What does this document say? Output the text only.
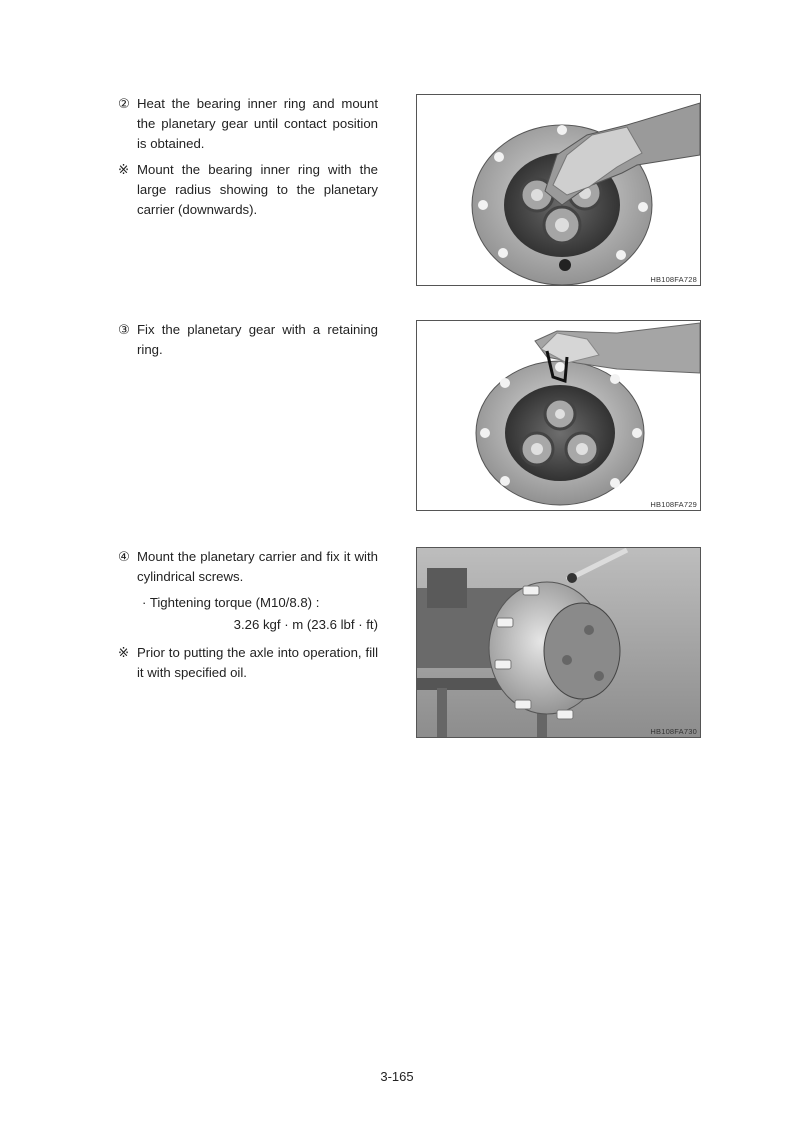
② Heat the bearing inner ring and mount the planetary gear until contact position is obtained.

※ Mount the bearing inner ring with the large radius showing to the planetary carrier (downwards).

HB108FA728

③ Fix the planetary gear with a retaining ring.

HB108FA729

④ Mount the planetary carrier and fix it with cylindrical screws.

· Tightening torque (M10/8.8) :

3.26 kgf · m (23.6 lbf · ft)

※ Prior to putting the axle into operation, fill it with specified oil.

HB108FA730
3-165
